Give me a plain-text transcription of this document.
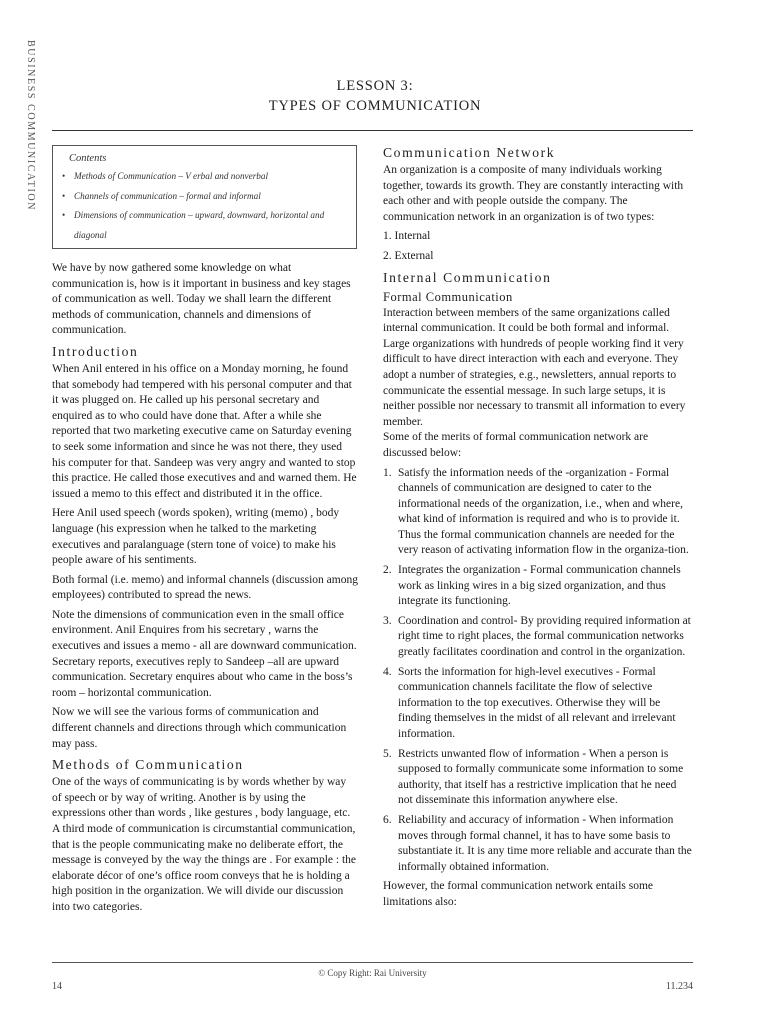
BUSINESS COMMUNICATION	LESSON 3:
TYPES OF COMMUNICATION
Contents
• Methods of Communication – V erbal and nonverbal
• Channels of communication – formal and informal
• Dimensions of communication – upward, downward, horizontal and diagonal

We have by now gathered some knowledge on what communication is, how is it important in business and key stages of communication as well. Today we shall learn the different methods of communication, channels and dimensions of communication.

Introduction

When Anil entered in his office on a Monday morning, he found that somebody had tempered with his personal computer and that it was plugged on. He called up his personal secretary and enquired as to who could have done that. After a while she reported that two marketing executive came on Saturday evening to seek some information and since he was not there, they used his computer for that. Sandeep was very angry and wanted to stop this practice. He called those executives and and warned them. He issued a memo to this effect and distributed it in the office.

Here Anil used speech (words spoken), writing (memo) , body language (his expression when he talked to the marketing executives and paralanguage (stern tone of voice) to make his people aware of his sentiments.

Both formal (i.e. memo) and informal channels (discussion among employees) contributed to spread the news.

Note the dimensions of communication even in the small office environment. Anil Enquires from his secretary , warns the executives and issues a memo - all are downward communication. Secretary reports, executives reply to Sandeep –all are upward communication. Secretary enquires about who came in the boss’s room – horizontal communication.

Now we will see the various forms of communication and different channels and directions through which communication may pass.

Methods of Communication

One of the ways of communicating is by words whether by way of speech or by way of writing. Another is by using the expressions other than words , like gestures , body language, etc. A third mode of communication is circumstantial communication, that is the people communicating make no deliberate effort, the message is conveyed by the way the things are . For example : the elaborate décor of one’s office room conveys that he is holding a high position in the organization. We will divide our discussion into two categories.

Communication Network

An organization is a composite of many individuals working together, towards its growth. They are constantly interacting with each other and with people outside the company. The communication network in an organization is of two types:

1. Internal
2. External
Internal Communication
Formal Communication

Interaction between members of the same organizations called internal communication. It could be both formal and informal. Large organizations with hundreds of people working find it very difficult to have direct interaction with each and everyone. They adopt a number of strategies, e.g., newsletters, annual reports to communicate the essential message. In such large setups, it is neither possible nor necessary to transmit all information to every member.

Some of the merits of formal communication network are discussed below:

1. Satisfy the information needs of the -organization - Formal channels of communication are designed to cater to the informational needs of the organization, i.e., when and where, what kind of information is required and who is to provide it. Thus the formal communication channels are needed for the very reason of activating information flow in the organiza-tion.
2. Integrates the organization - Formal communication channels work as linking wires in a big sized organization, and thus integrate its functioning.
3. Coordination and control- By providing required information at right time to right places, the formal communication networks greatly facilitates coordination and control in the organization.
4. Sorts the information for high-level executives - Formal communication channels facilitate the flow of selective information to the top executives. Otherwise they will be finding themselves in the midst of all relevant and irrelevant information.
5. Restricts unwanted flow of information - When a person is supposed to formally communicate some information to some authority, that itself has a restrictive implication that he need not disseminate this information anywhere else.
6. Reliability and accuracy of information - When information moves through formal channel, it has to have some basis to substantiate it. It is any time more reliable and accurate than the informally obtained information.

However, the formal communication network entails some limitations also:

© Copy Right: Rai University
14	11.234
